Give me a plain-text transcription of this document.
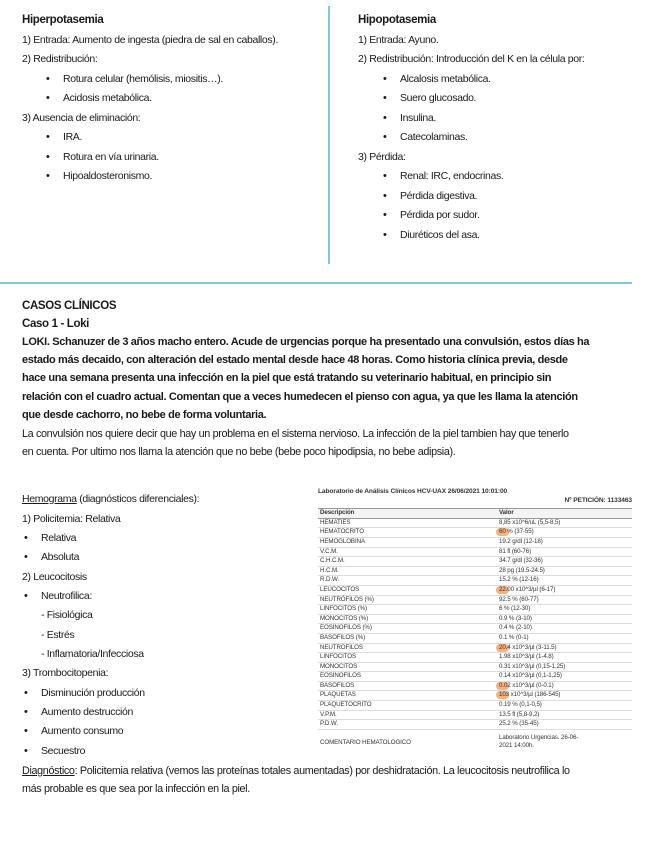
Hiperpotasemia
1) Entrada: Aumento de ingesta (piedra de sal en caballos).
2) Redistribución:
• Rotura celular (hemólisis, miositis…).
• Acidosis metabólica.
3) Ausencia de eliminación:
• IRA.
• Rotura en vía urinaria.
• Hipoaldosteronismo.
Hipopotasemia
1) Entrada: Ayuno.
2) Redistribución: Introducción del K en la célula por:
• Alcalosis metabólica.
• Suero glucosado.
• Insulina.
• Catecolaminas.
3) Pérdida:
• Renal: IRC, endocrinas.
• Pérdida digestiva.
• Pérdida por sudor.
• Diuréticos del asa.
CASOS CLÍNICOS
Caso 1 - Loki
LOKI. Schanuzer de 3 años macho entero. Acude de urgencias porque ha presentado una convulsión, estos días ha
estado más decaido, con alteración del estado mental desde hace 48 horas. Como historia clínica previa, desde
hace una semana presenta una infección en la piel que está tratando su veterinario habitual, en principio sin
relación con el cuadro actual. Comentan que a veces humedecen el pienso con agua, ya que les llama la atención
que desde cachorro, no bebe de forma voluntaria.
La convulsión nos quiere decir que hay un problema en el sistema nervioso. La infección de la piel tambien hay que tenerlo
en cuenta. Por ultimo nos llama la atención que no bebe (bebe poco hipodipsia, no bebe adipsia).
Hemograma (diagnósticos diferenciales):
1) Policitemia: Relativa
• Relativa
• Absoluta
2) Leucocitosis
• Neutrofilica:
- Fisiológica
- Estrés
- Inflamatoria/Infecciosa
3) Trombocitopenia:
• Disminución producción
• Aumento destrucción
• Aumento consumo
• Secuestro
Diagnóstico: Policitemia relativa (vemos las proteínas totales aumentadas) por deshidratación. La leucocitosis neutrofilica lo
más probable es que sea por la infección en la piel.
Laboratorio de Análisis Clínicos HCV-UAX 26/06/2021 10:01:00
Nº PETICIÓN: 1133463
Descripción	Valor
HEMATIES	8,85 x10^6/uL (5,5-8,5)
HEMATOCRITO	60 % (37-55)
HEMOGLOBINA	19.2 g/dl (12-18)
V.C.M.	81 fl (60-76)
C.H.C.M.	34.7 g/dl (32-36)
H.C.M.	28 pg (19.5-24.5)
R.D.W.	15.2 % (12-16)
LEUCOCITOS	22.00 x10^3/µl (6-17)
NEUTRÓFILOS (%)	92.5 % (60-77)
LINFOCITOS (%)	6 % (12-30)
MONOCITOS (%)	0.9 % (3-10)
EOSINOFILOS (%)	0.4 % (2-10)
BASOFILOS (%)	0.1 % (0-1)
NEUTROFILOS	20.4 x10^3/µl (3-11.5)
LINFOCITOS	1.98 x10^3/µl (1-4.8)
MONOCITOS	0.31 x10^3/µl (0,15-1,25)
EOSINOFILOS	0.14 x10^3/µl (0,1-1,25)
BASOFILOS	0.02 x10^3/µl (0-0.1)
PLAQUETAS	103 x10^3/µl (186-545)
PLAQUETOCRITO	0.19 % (0,1-0,5)
V.P.M.	13.5 fl (5,8-9,2)
P.D.W.	25.2 % (35-45)
COMENTARIO HEMATOLOGICO
Laboratorio Urgencias. 26-06-
2021 14:00h.
